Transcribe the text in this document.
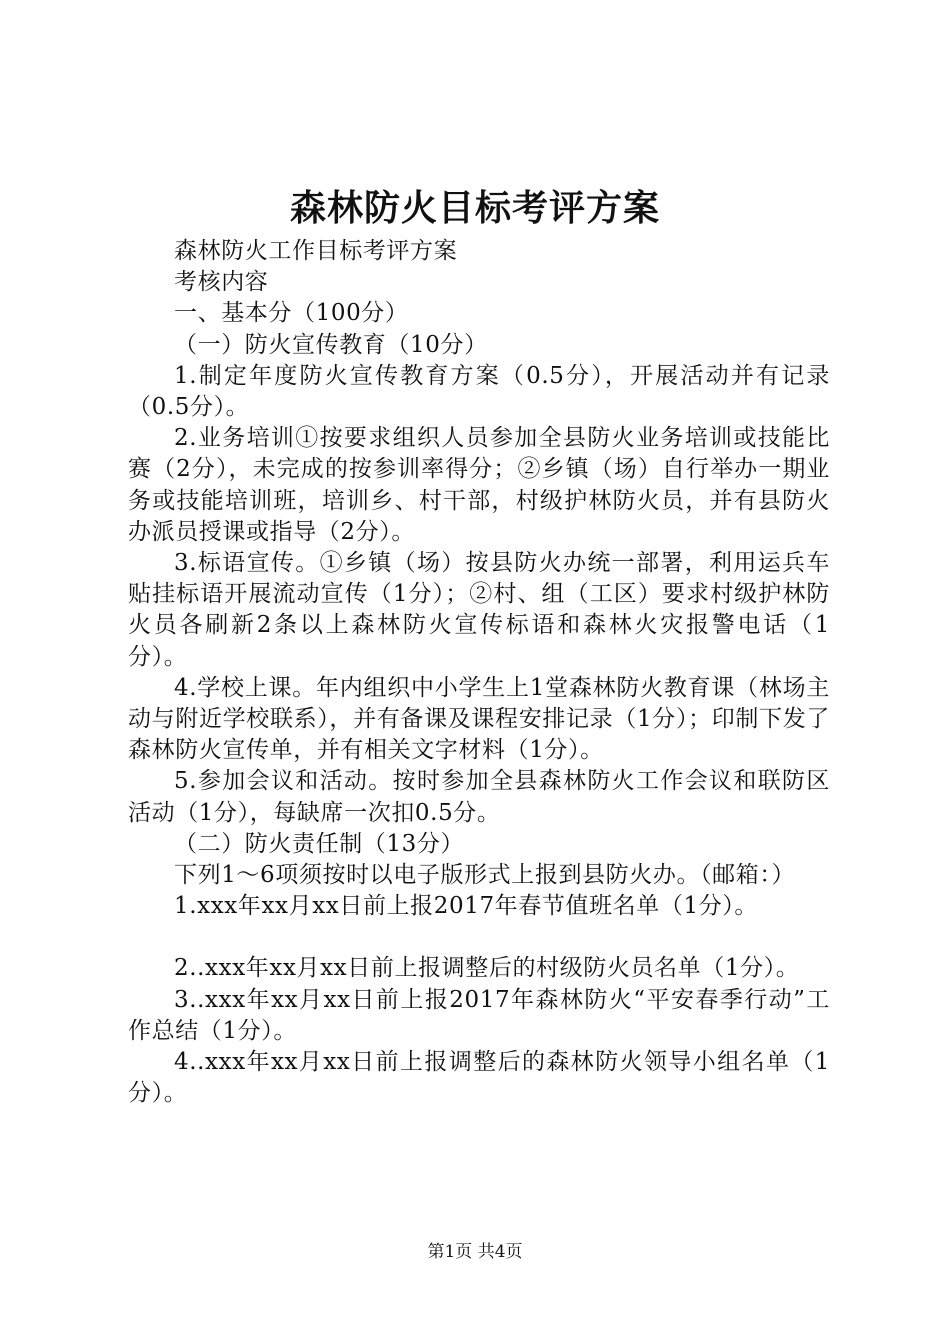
森林防火目标考评方案

森林防火工作目标考评方案

考核内容

一、基本分（100分）

（一）防火宣传教育（10分）

1.制定年度防火宣传教育方案（0.5分），开展活动并有记录（0.5分）。

2.业务培训①按要求组织人员参加全县防火业务培训或技能比赛（2分），未完成的按参训率得分；②乡镇（场）自行举办一期业务或技能培训班，培训乡、村干部，村级护林防火员，并有县防火办派员授课或指导（2分）。

3.标语宣传。①乡镇（场）按县防火办统一部署，利用运兵车贴挂标语开展流动宣传（1分）；②村、组（工区）要求村级护林防火员各刷新2条以上森林防火宣传标语和森林火灾报警电话（1分）。

4.学校上课。年内组织中小学生上1堂森林防火教育课（林场主动与附近学校联系），并有备课及课程安排记录（1分）；印制下发了森林防火宣传单，并有相关文字材料（1分）。

5.参加会议和活动。按时参加全县森林防火工作会议和联防区活动（1分），每缺席一次扣0.5分。

（二）防火责任制（13分）

下列1～6项须按时以电子版形式上报到县防火办。（邮箱：）

1.xxx年xx月xx日前上报2017年春节值班名单（1分）。

2..xxx年xx月xx日前上报调整后的村级防火员名单（1分）。

3..xxx年xx月xx日前上报2017年森林防火“平安春季行动”工作总结（1分）。

4..xxx年xx月xx日前上报调整后的森林防火领导小组名单（1分）。

第1页 共4页
